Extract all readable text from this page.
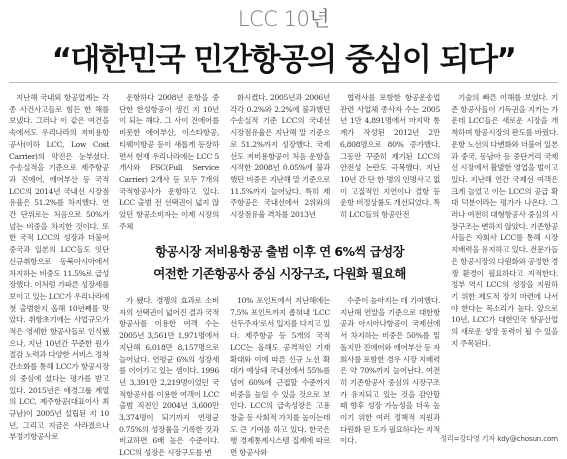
LCC 10년
“대한민국 민간항공의 중심이 되다”

지난해 국내외 항공업계는 각종 사건사고들로 힘든 한 해를 보냈다. 그러나 이 같은 여건을 속에서도 우리나라의 저비용항공사(이하 LCC, Low Cost Carrier)의 약진은 눈부셨다. 수송실적을 기준으로 제주항공과 진에어, 에어부산 등 국적 LCC의 2014년 국내선 시장점유율은 51.2%를 차지했다. 연간 단위로는 처음으로 50%가 넘는 비중을 차지한 것이다. 또한 국적 LCC의 성장과 더불어 중국과 일본의 LCC들도 잇단 신규취항으로 동북아시아에서 차지하는 비중도 11.5%로 급성장했다. 이처럼 가파른 성장세를 보이고 있는 LCC가 우리나라에 첫 출범한지 올해 10년째를 맞았다. 취항초기에는 사업규모가 적은 영세한 항공사들로 인식됐으나, 지난 10년간 꾸준한 원가절감 노력과 다양한 서비스 정착 간소화를 통해 LCC가 항공시장의 중심에 섰다는 평가를 받고 있다. 2015년은 애경그룹 계열의 LCC, 제주항공(대표이사 최규남)이 2005년 설립된 지 10년, 그리고 지금은 사라졌으나 부정기항공사로

운항하다 2008년 운항을 중단한 한성항공이 생긴 지 10년이 되는 해다. 그 사이 진에어를 비롯한 에어부산, 이스타항공, 티웨이항공 등이 새롭게 등장하면서 현재 우리나라에는 LCC 5개사와 FSC(Full Service Carrier) 2개사 등 모두 7개의 국적항공사가 운항하고 있다. LCC 출범 전 선택권이 넓지 않았던 항공소비자는 이제 시장의 주체

화시켰다. 2005년과 2006년 각각 0.2%와 2.2%에 불과했던 수송실적 기준 LCC의 국내선 시장점유율은 지난해 말 기준으로 51.2%까지 성장했다. 국제선도 저비용항공이 처음 운항을 시작한 2008년 0.05%에 불과했던 비중은 지난해 말 기준으로 11.5%까지 늘어났다. 특히 제주항공은 국내선에서 2위와의 시장점유율 격차를 2013년

협력사를 포함한 항공운송업 관련 사업체 종사자 수는 2005년 1만 4,891명에서 마지막 통계가 작성된 2012년 2만 6,808명으로 80% 증가했다. 그동안 꾸준히 제기된 LCC의 안전성 논란도 극복했다. 지난 10년 간 단 한 명의 인명사고 없이 고질적인 지연이나 결항 등 운항 비정상률도 개선되었다. 특히 LCC들의 항공안전

기술의 빠른 이해를 보였다. 기존 항공사들이 기득권을 지키는 가운데 LCC들은 새로운 시장을 개척하며 항공시장의 판도를 바꿨다. 운항 노선의 다변화와 더불어 일본과 중국, 동남아 등 중단거리 국제선 시장에서 활발한 영업을 벌이고 있다. 지난해 연간 국제선 여객은 크게 늘었고 이는 LCC의 공급 확대 덕분이라는 평가가 나온다. 그러나 여전히 대형항공사 중심의 시장구조는 변하지 않았다. 기존항공사들은 자회사 LCC를 통해 시장 지배력을 유지하고 있다. 전문가들은 항공시장의 다원화와 공정한 경쟁 환경이 필요하다고 지적한다. 정부 역시 LCC의 성장을 지원하기 위한 제도적 장치 마련에 나서야 한다는 목소리가 높다. 앞으로 10년, LCC가 대한민국 항공산업의 새로운 성장 동력이 될 수 있을지 주목된다.

항공시장 저비용항공 출범 이후 연 6%씩 급성장
여전한 기존항공사 중심 시장구조, 다원화 필요해

가 됐다. 경쟁의 효과로 소비자의 선택권이 넓어진 결과 국적항공사를 이용한 여객 수는 2005년 3,561만 1,971명에서 지난해 6,018만 8,157명으로 늘어났다. 연평균 6%의 성장세를 이어가고 있는 셈이다. 1996년 3,391만 2,219명이었던 국적항공사를 이용한 여객이 LCC 출범 직전인 2004년 3,600만 3,374명이 되기까지 연평균 0.75%의 성장률을 기록한 것과 비교하면 6배 높은 수준이다. LCC의 성장은 시장구도를 변

10% 포인트에서 지난해에는 7.5% 포인트까지 좁혀내 'LCC 선두주자'로서 입지를 다지고 있다. 제주항공 등 5개의 국적 LCC는 올해도 공격적인 기재 확대와 이에 따른 신규 노선 확대가 예상돼 국내선에서 55%를 넘어 60%에 근접할 수준까지 비중을 높일 수 있을 것으로 보인다. LCC의 급속성장은 고용창출 등 사회적 가치를 높이는데도 큰 기여를 하고 있다. 한국은행 경제통계시스템 집계에 따르면 항공사와

수준이 높아지는 데 기여했다. 지난해 연말을 기준으로 대한항공과 아시아나항공이 국제선에서 차지하는 비중은 50%를 밑돌지만 진에어와 에어부산 등 자회사를 포함한 경우 시장 지배력은 약 70%까지 늘어난다. 여전히 기존항공사 중심의 시장구조가 유지되고 있는 것을 감안할 때 향후 성장 가능성을 더욱 높이기 위한 여러 정책적 지원과 다원화 된 도가 필요하다는 지적이다.	정리=강다영 기자 kdy@chosun.com
